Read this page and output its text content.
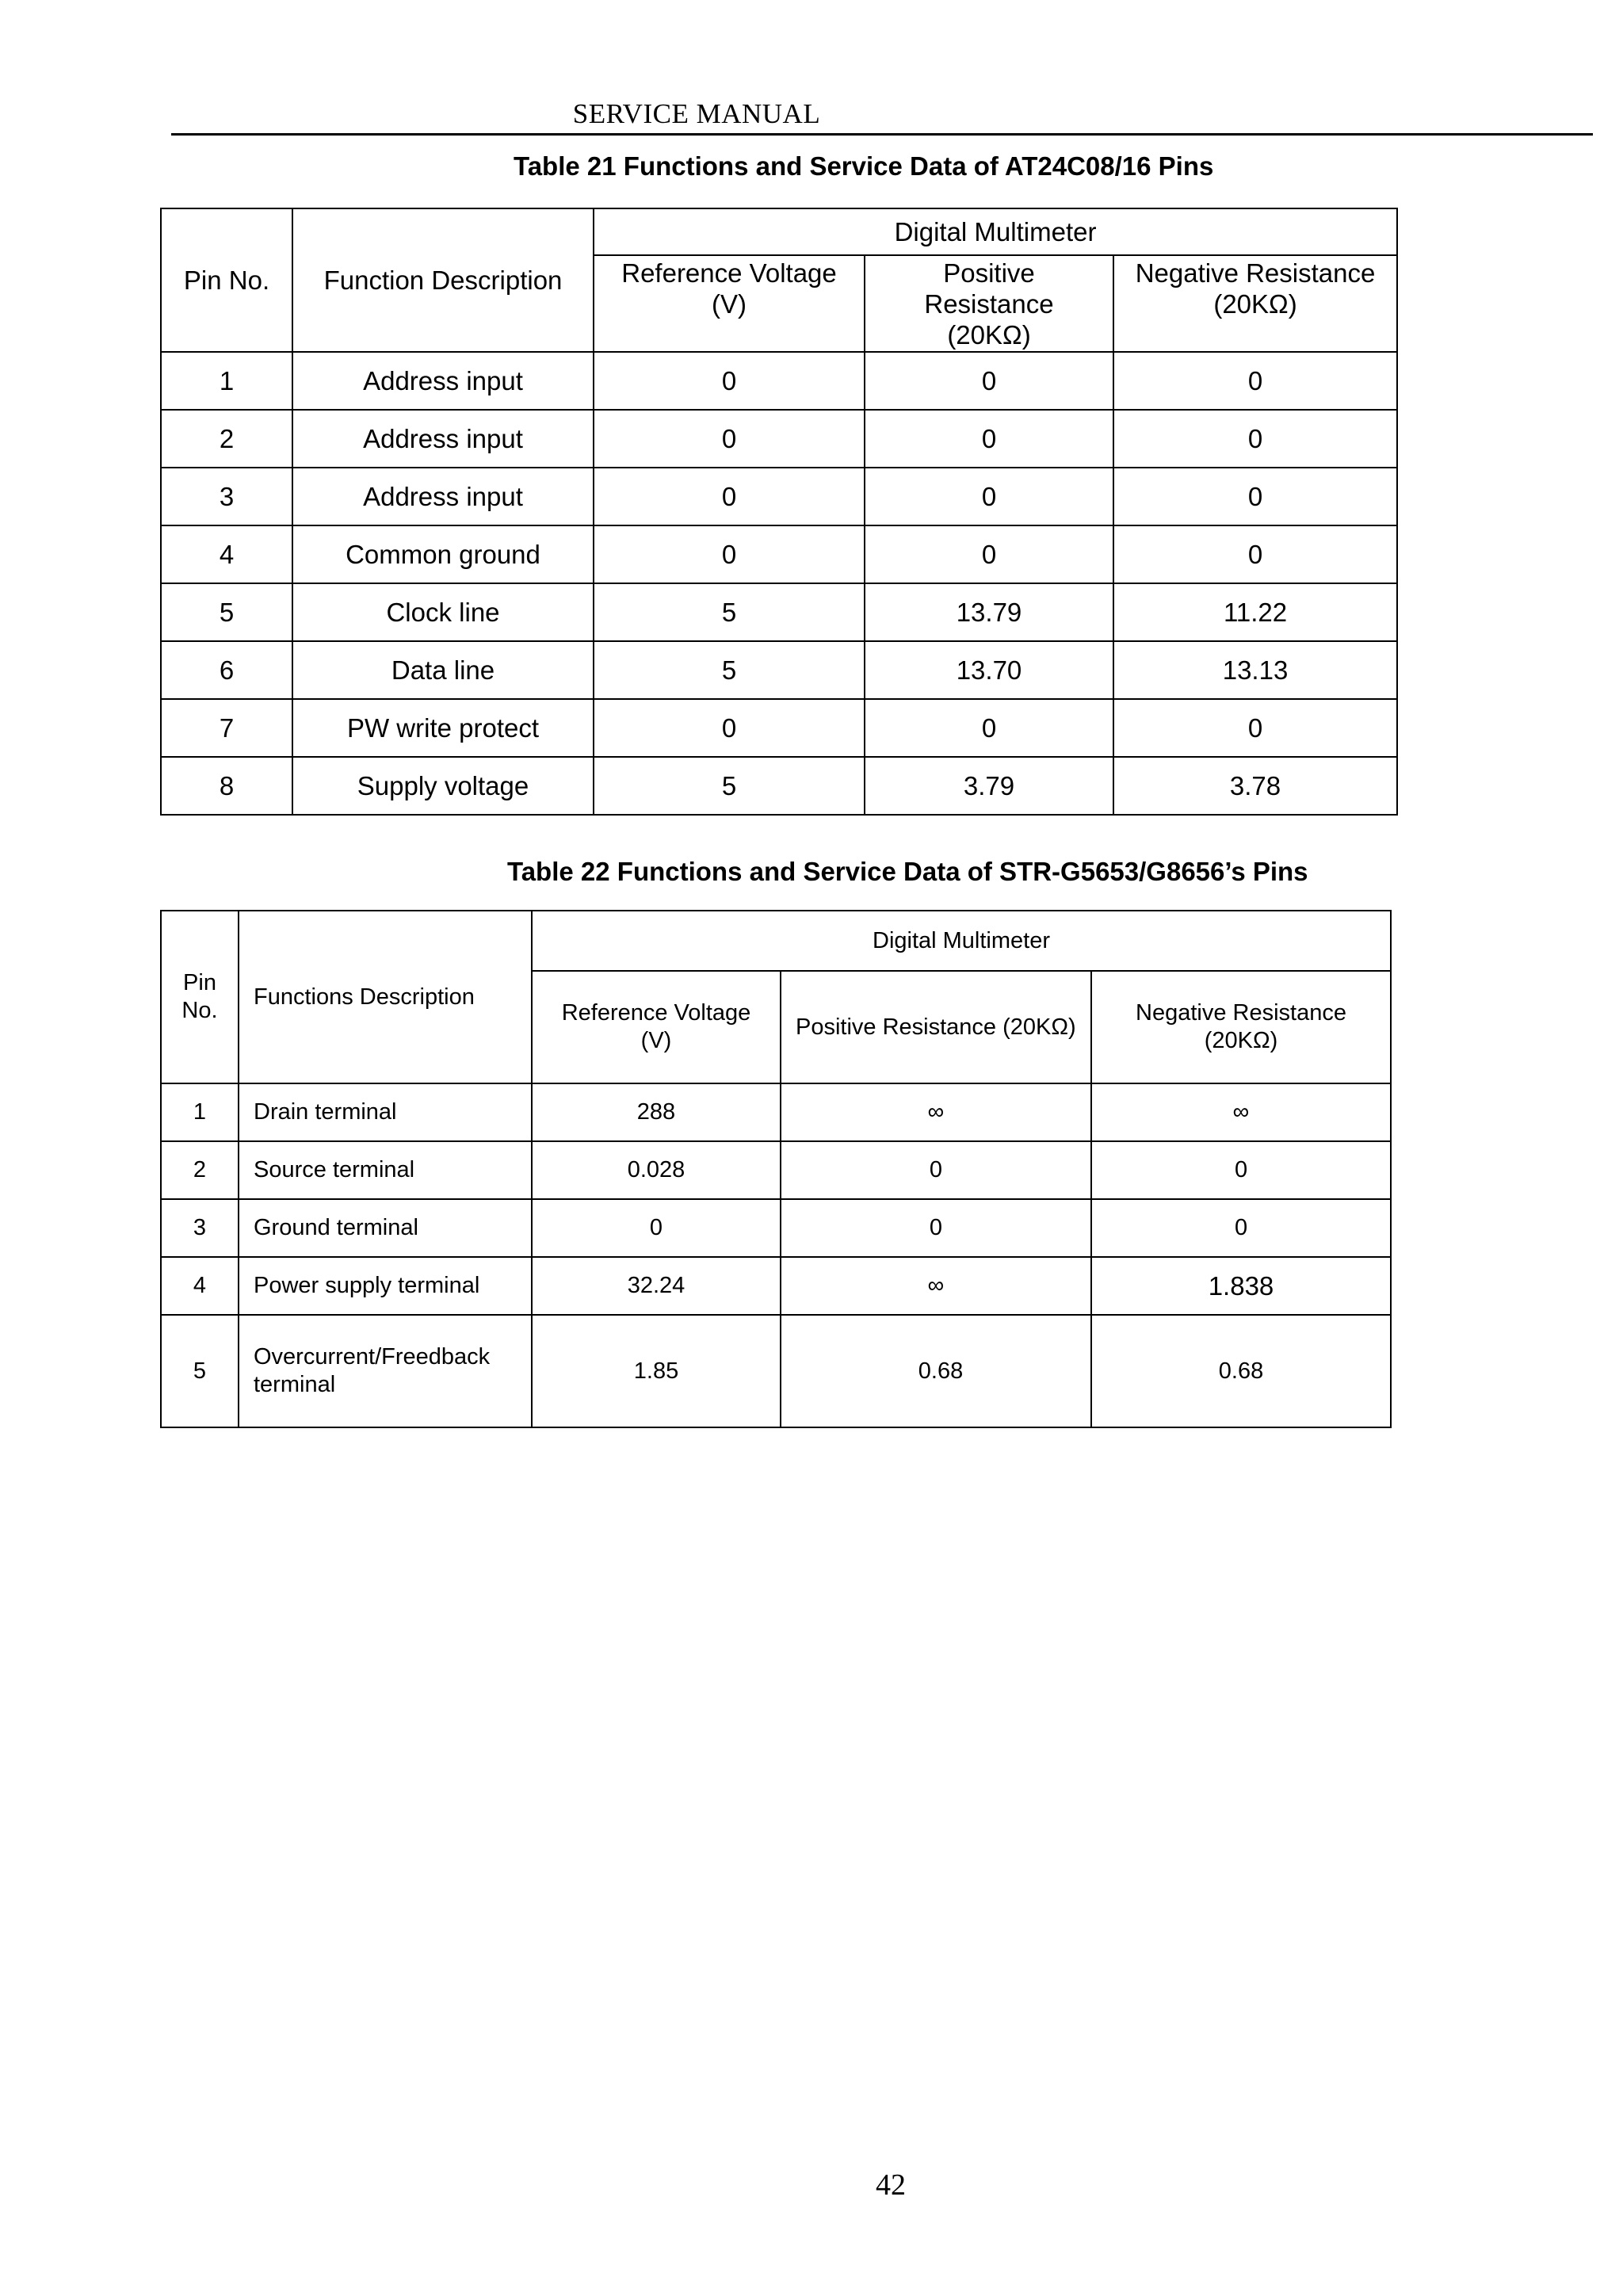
SERVICE MANUAL
Table 21 Functions and Service Data of AT24C08/16 Pins
Pin No.	Function Description	Digital Multimeter		
		Reference Voltage (V)	Positive Resistance (20KΩ)	Negative Resistance (20KΩ)
1	Address input	0	0	0
2	Address input	0	0	0
3	Address input	0	0	0
4	Common ground	0	0	0
5	Clock line	5	13.79	11.22
6	Data line	5	13.70	13.13
7	PW write protect	0	0	0
8	Supply voltage	5	3.79	3.78
Table 22 Functions and Service Data of STR-G5653/G8656’s Pins
Pin No.	Functions Description	Digital Multimeter		
		Reference Voltage (V)	Positive Resistance (20KΩ)	Negative Resistance (20KΩ)
1	Drain terminal	288	∞	∞
2	Source terminal	0.028	0	0
3	Ground terminal	0	0	0
4	Power supply terminal	32.24	∞	1.838
5	Overcurrent/Freedback terminal	1.85	0.68	0.68
42
